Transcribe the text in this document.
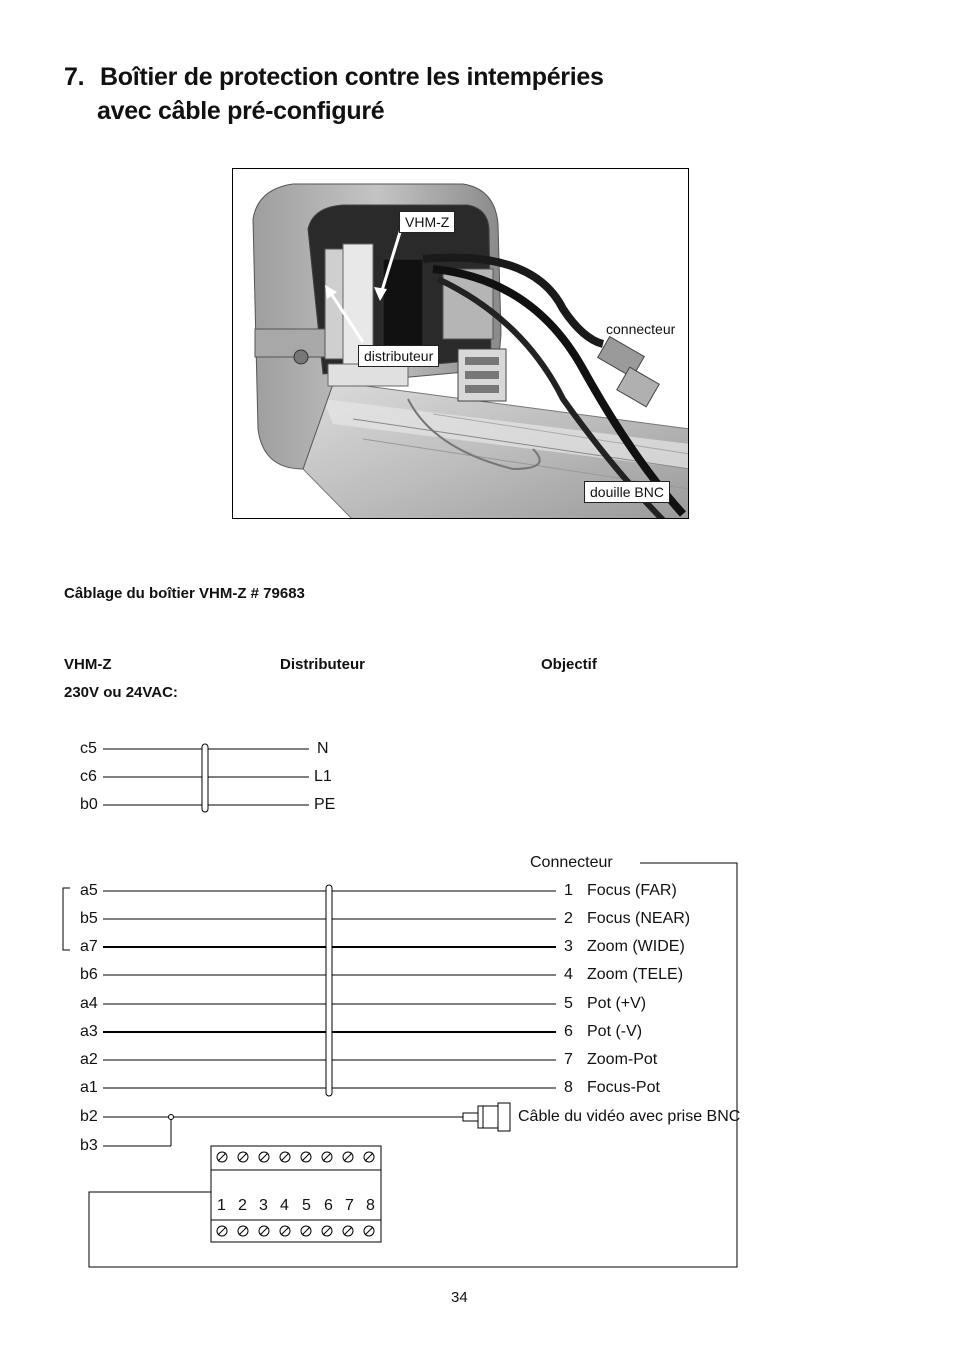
7. Boîtier de protection contre les intempéries
avec câble pré-configuré
VHM-Z
connecteur
distributeur
douille BNC
Câblage du boîtier VHM-Z # 79683
VHM-Z	Distributeur	Objectif
230V ou 24VAC:
c5
c6
b0
N
L1
PE
Connecteur
a5
b5
a7
b6
a4
a3
a2
a1
1
2
3
4
5
6
7
8
Focus (FAR)
Focus (NEAR)
Zoom (WIDE)
Zoom (TELE)
Pot (+V)
Pot (-V)
Zoom-Pot
Focus-Pot
b2
b3
Câble du vidéo avec prise BNC
1 2 3 4 5 6 7 8
34
